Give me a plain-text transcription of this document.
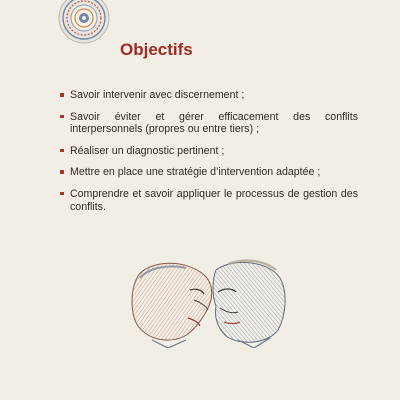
Objectifs
Savoir intervenir avec discernement ;
Savoir éviter et gérer efficacement des conflits interpersonnels (propres ou entre tiers) ;
Réaliser un diagnostic pertinent ;
Mettre en place une stratégie d’intervention adaptée ;
Comprendre et savoir appliquer le processus de gestion des conflits.
